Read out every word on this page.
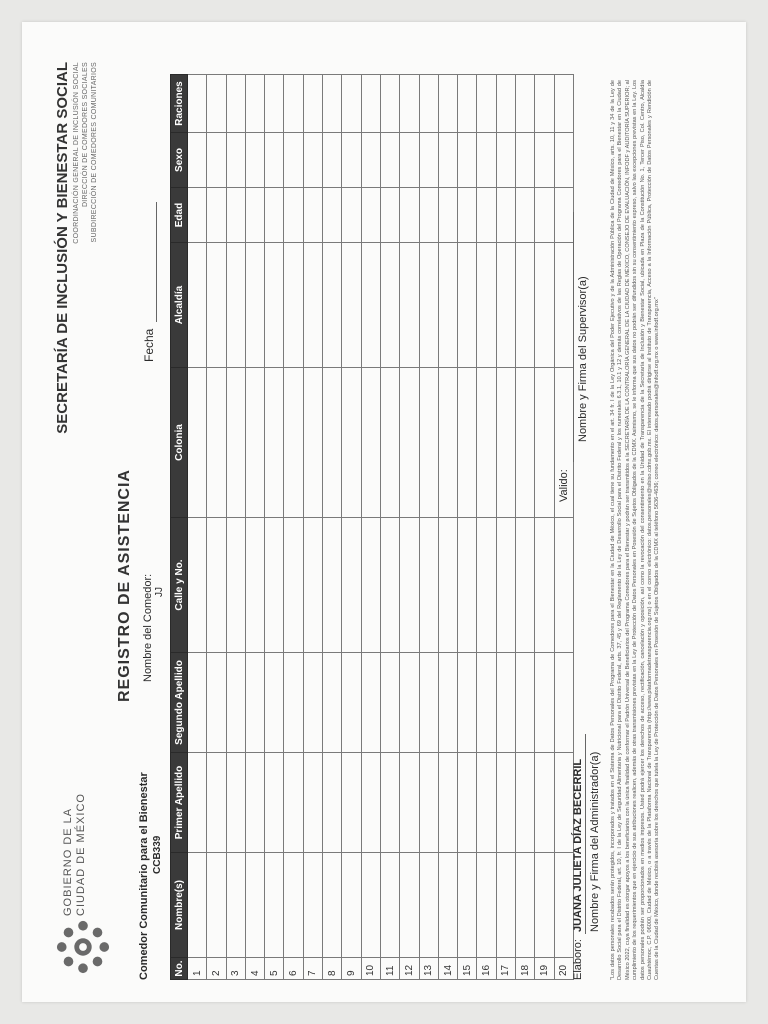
GOBIERNO DE LA CIUDAD DE MÉXICO
SECRETARÍA DE INCLUSIÓN Y BIENESTAR SOCIAL COORDINACIÓN GENERAL DE INCLUSIÓN SOCIAL DIRECCIÓN DE COMEDORES SOCIALES SUBDIRECCIÓN DE COMEDORES COMUNITARIOS
REGISTRO DE ASISTENCIA
Comedor Comunitario para el Bienestar CCB339
Nombre del Comedor: JJ
Fecha
No.	Nombre(s)	Primer Apellido	Segundo Apellido	Calle y No.	Colonia	Alcaldía	Edad	Sexo	Raciones
1									
2									
3									
4									
5									
6									
7									
8									
9									
10									
11									
12									
13									
14									
15									
16									
17									
18									
19									
20									Elaboro:
JUANA JULIETA DÍAZ BECERRIL Nombre y Firma del Administrador(a)
Valido:
Nombre y Firma del Supervisor(a)	"Los datos personales recabados serán protegidos, incorporados y tratados en el Sistema de Datos Personales del Programa de Comedores para el Bienestar en la Ciudad de México, el cual tiene su fundamento en el art. 34 fr. I de la Ley Orgánica del Poder Ejecutivo y de la Administración Pública de la Ciudad de México, arts. 10, 11 y 34 de la Ley de Desarrollo Social para el Distrito Federal, art. 10, fr. I de la Ley de Seguridad Alimentaria y Nutricional para el Distrito Federal, arts. 37, 45 y 69 del Reglamento de la Ley de Desarrollo Social para el Distrito Federal y los numerales 6.3.1, 10.1 y 12 y demás correlativos de las Reglas de Operación del Programa Comedores para el Bienestar en la Ciudad de México 2022, cuya finalidad es otorgar apoyos a los beneficiarios con la única finalidad de conformar el Padrón Universal de Beneficiarios del Programa Comedores para el Bienestar y podrán ser transmitidos a la SECRETARÍA DE LA CONTRALORÍA GENERAL DE LA CIUDAD DE MÉXICO, CONSEJO DE EVALUACIÓN, INFODF y AUDITORÍA SUPERIOR; al cumplimiento de los requerimientos que en ejercicio de sus atribuciones realicen, además de otras transmisiones previstas en la Ley de Protección de Datos Personales en Posesión de Sujetos Obligados de la CDMX. Asimismo, se le informa que sus datos no podrán ser difundidos sin su consentimiento expreso, salvo las excepciones previstas en la Ley. Los datos personales podrán ser proporcionados en medios impresos. Usted podrá ejercer los derechos de acceso, rectificación, cancelación y oposición, así como la revocación del consentimiento en la Unidad de Transparencia de la Secretaría de Inclusión y Bienestar Social, ubicada en Plaza de la Constitución No. 1, Tercer Piso, Col. Centro, Alcaldía Cuauhtémoc, C.P. 06000, Ciudad de México, o a través de la Plataforma Nacional de Transparencia (http://www.plataformadetransparencia.org.mx) o en el correo electrónico: datos.personales@sibiso.cdmx.gob.mx. El interesado podrá dirigirse al Instituto de Transparencia, Acceso a la Información Pública, Protección de Datos Personales y Rendición de Cuentas de la Ciudad de México, donde recibirá asesoría sobre los derechos que tutela la Ley de Protección de Datos Personales en Posesión de Sujetos Obligados de la CDMX al teléfono 5636-4636; correo electrónico: datos.personales@infodf.org.mx o www.infodf.org.mx"
